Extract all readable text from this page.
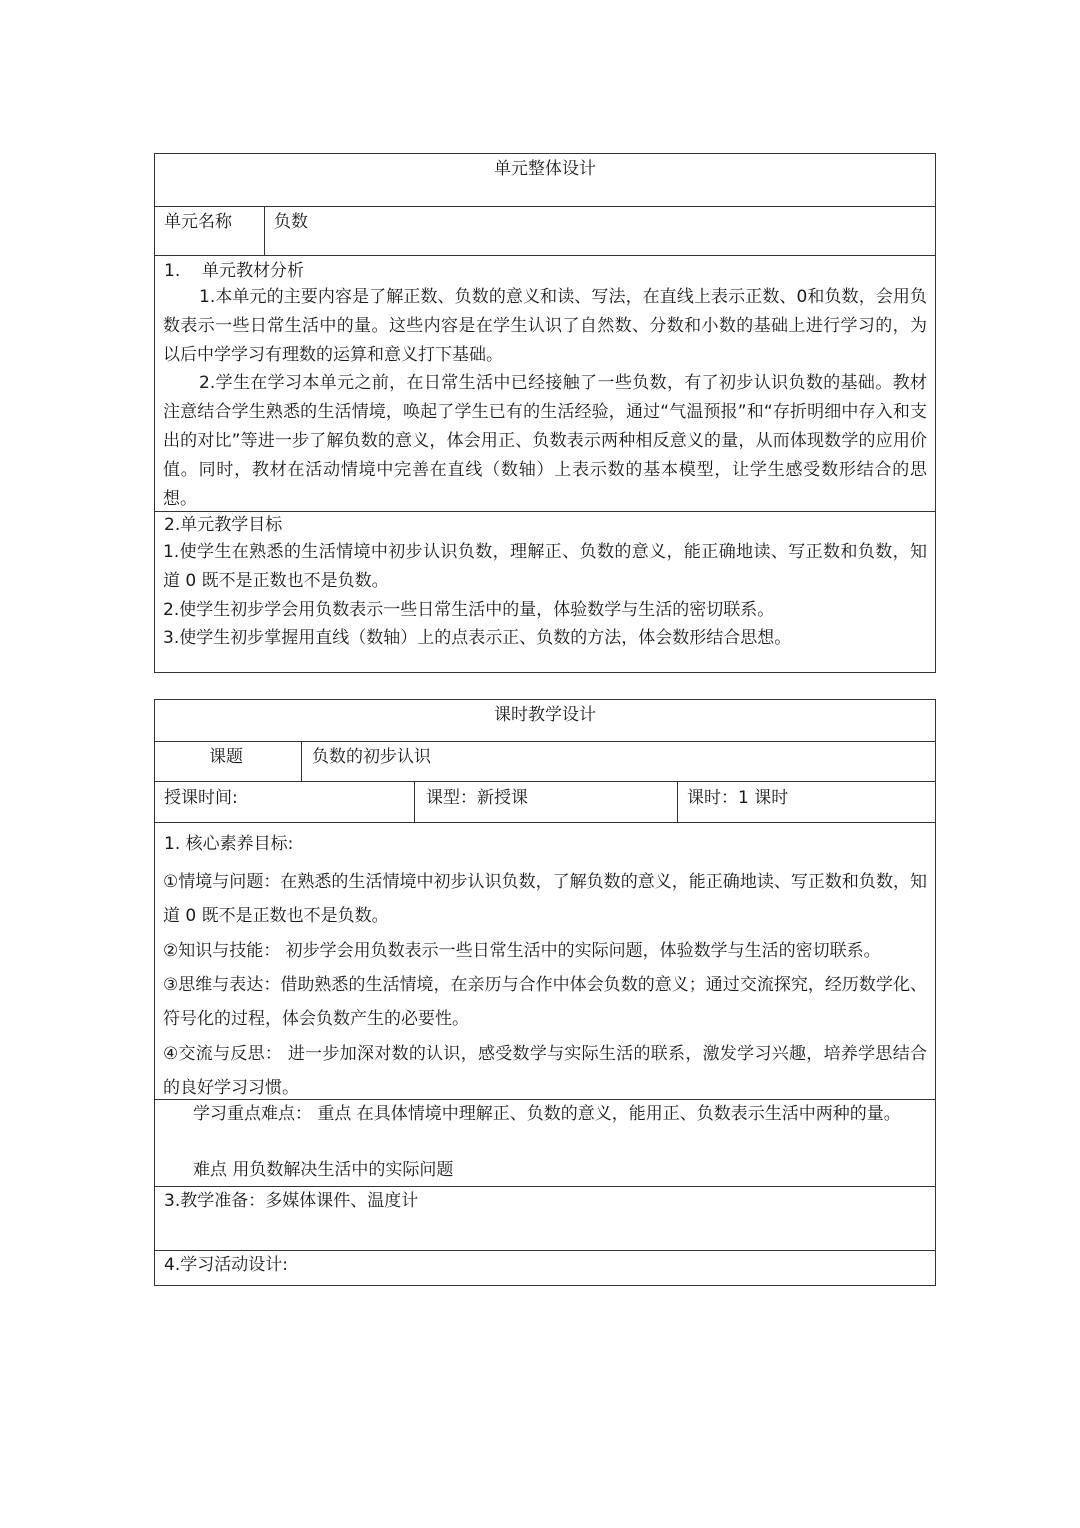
单元整体设计
单元名称 负数
1. 单元教材分析
1.本单元的主要内容是了解正数、负数的意义和读、写法，在直线上表示正数、0和负数，会用负数表示一些日常生活中的量。这些内容是在学生认识了自然数、分数和小数的基础上进行学习的，为以后中学学习有理数的运算和意义打下基础。
2.学生在学习本单元之前，在日常生活中已经接触了一些负数，有了初步认识负数的基础。教材注意结合学生熟悉的生活情境，唤起了学生已有的生活经验，通过“气温预报”和“存折明细中存入和支出的对比”等进一步了解负数的意义，体会用正、负数表示两种相反意义的量，从而体现数学的应用价值。同时，教材在活动情境中完善在直线（数轴）上表示数的基本模型，让学生感受数形结合的思想。
2.单元教学目标
1.使学生在熟悉的生活情境中初步认识负数，理解正、负数的意义，能正确地读、写正数和负数，知道 0 既不是正数也不是负数。
2.使学生初步学会用负数表示一些日常生活中的量，体验数学与生活的密切联系。
3.使学生初步掌握用直线（数轴）上的点表示正、负数的方法，体会数形结合思想。
课时教学设计
课题	负数的初步认识
授课时间:	课型：新授课	课时：1 课时
1. 核心素养目标:
①情境与问题：在熟悉的生活情境中初步认识负数，了解负数的意义，能正确地读、写正数和负数，知道 0 既不是正数也不是负数。
②知识与技能： 初步学会用负数表示一些日常生活中的实际问题，体验数学与生活的密切联系。
③思维与表达：借助熟悉的生活情境，在亲历与合作中体会负数的意义；通过交流探究，经历数学化、符号化的过程，体会负数产生的必要性。
④交流与反思： 进一步加深对数的认识，感受数学与实际生活的联系，激发学习兴趣，培养学思结合的良好学习习惯。
学习重点难点： 重点 在具体情境中理解正、负数的意义，能用正、负数表示生活中两种的量。
难点 用负数解决生活中的实际问题
3.教学准备：多媒体课件、温度计
4.学习活动设计:
